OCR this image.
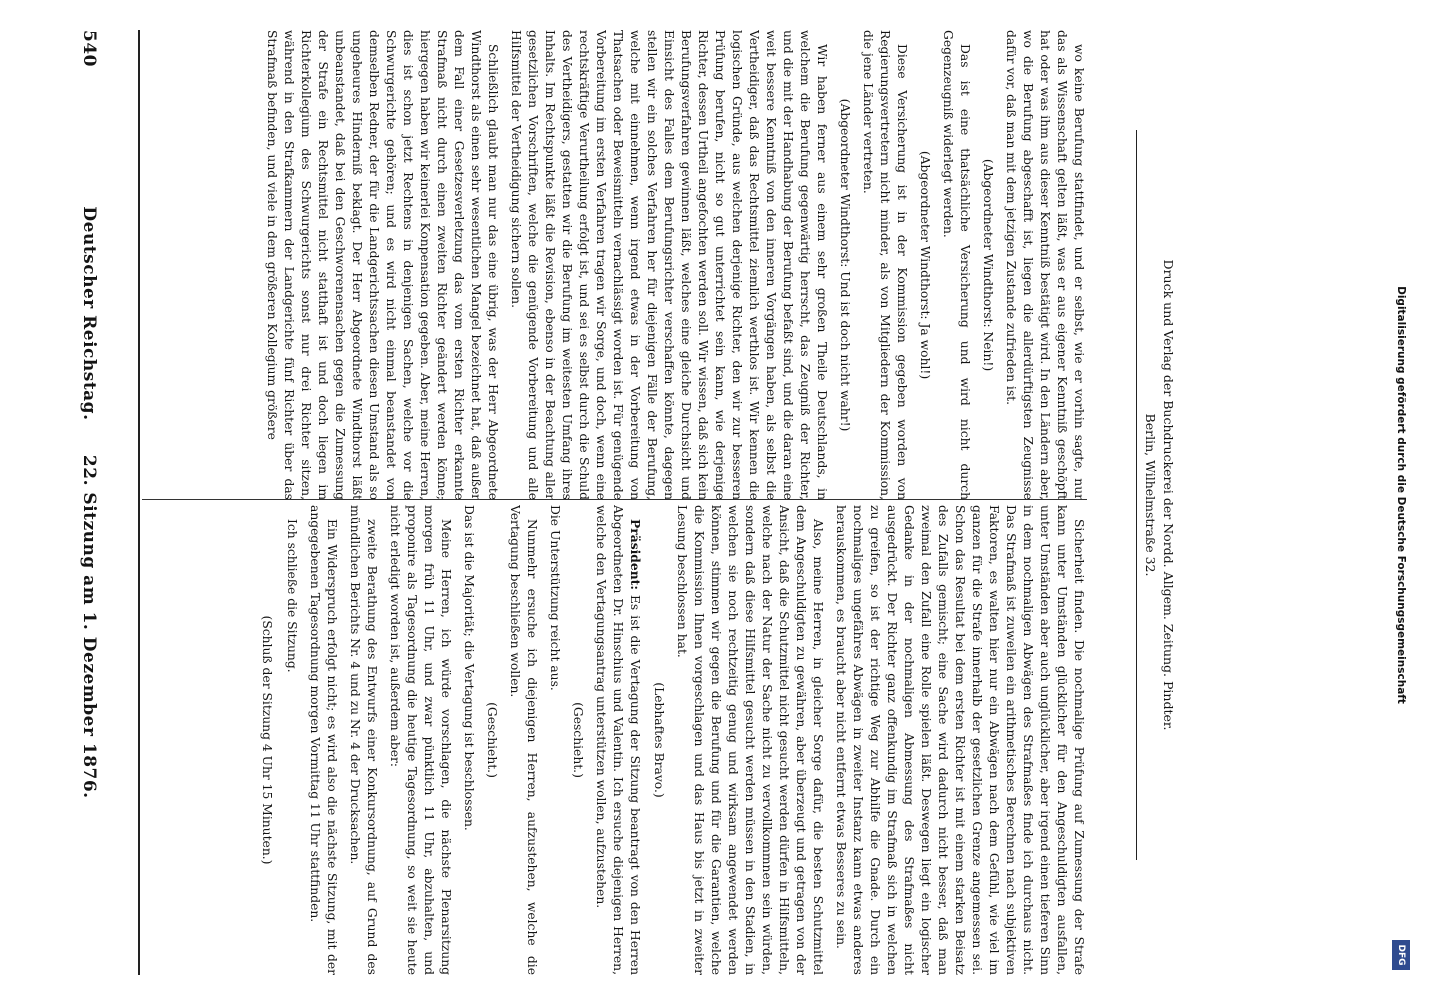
540
Deutscher Reichstag. 22. Sitzung am 1. Dezember 1876.

wo keine Berufung stattfindet, und er selbst, wie er vorhin sagte, nur das als Wissenschaft gelten läßt, was er aus eigener Kenntniß geschöpft hat oder was ihm aus dieser Kenntniß bestätigt wird. In den Ländern aber, wo die Berufung abgeschafft ist, liegen die allerdürftigsten Zeugnisse dafür vor, daß man mit dem jetzigen Zustande zufrieden ist.

(Abgeordneter Windthorst: Nein!)

Das ist eine thatsächliche Versicherung und wird nicht durch Gegenzeugniß widerlegt werden.

(Abgeordneter Windthorst: Ja wohl!)

Diese Versicherung ist in der Kommission gegeben worden von Regierungsvertretern nicht minder, als von Mitgliedern der Kommission, die jene Länder vertreten.

(Abgeordneter Windthorst: Und ist doch nicht wahr!)

Wir haben ferner aus einem sehr großen Theile Deutschlands, in welchem die Berufung gegenwärtig herrscht, das Zeugniß der Richter, und die mit der Handhabung der Berufung befaßt sind, und die daran eine weit bessere Kenntniß von den inneren Vorgängen haben, als selbst die Vertheidiger, daß das Rechtsmittel ziemlich werthlos ist. Wir kennen die logischen Gründe, aus welchen derjenige Richter, den wir zur besseren Prüfung berufen, nicht so gut unterrichtet sein kann, wie derjenige Richter, dessen Urtheil angefochten werden soll. Wir wissen, daß sich kein Berufungsverfahren gewinnen läßt, welches eine gleiche Durchsicht und Einsicht des Falles dem Berufungsrichter verschaffen könnte, dagegen stellen wir ein solches Verfahren her für diejenigen Fälle der Berufung, welche mit einnehmen, wenn irgend etwas in der Vorbereitung von Thatsachen oder Beweismitteln vernachlässigt worden ist. Für genügende Vorbereitung im ersten Verfahren tragen wir Sorge, und doch, wenn eine rechtskräftige Verurtheilung erfolgt ist, und sei es selbst durch die Schuld des Vertheidigers, gestatten wir die Berufung im weitesten Umfang ihres Inhalts. Im Rechtspunkte läßt die Revision, ebenso in der Beachtung aller gesetzlichen Vorschriften, welche die genügende Vorbereitung und alle Hilfsmittel der Vertheidigung sichern sollen.

Schließlich glaubt man nur das eine übrig, was der Herr Abgeordnete Windthorst als einen sehr wesentlichen Mangel bezeichnet hat, daß außer dem Fall einer Gesetzesverletzung das vom ersten Richter erkannte Strafmaß nicht durch einen zweiten Richter geändert werden könne; hiergegen haben wir keinerlei Konpensation gegeben. Aber, meine Herren, dies ist schon jetzt Rechtens in denjenigen Sachen, welche vor die Schwurgerichte gehören; und es wird nicht einmal beanstandet von demselben Redner, der für die Landgerichtssachen diesen Umstand als so ungeheures Hinderniß beklagt. Der Herr Abgeordnete Windthorst läßt unbeanstandet, daß bei den Geschworenensachen gegen die Zumessung der Strafe ein Rechtsmittel nicht statthaft ist und doch liegen im Richterkollegium des Schwurgerichts sonst nur drei Richter sitzen, während in den Strafkammern der Landgerichte fünf Richter über das Strafmaß befinden, und viele in dem größeren Kollegium größere

Sicherheit finden. Die nochmalige Prüfung auf Zumessung der Strafe kann unter Umständen glücklicher für den Angeschuldigten ausfallen, unter Umständen aber auch unglücklicher, aber irgend einen tieferen Sinn in dem nochmaligen Abwägen des Strafmaßes finde ich durchaus nicht. Das Strafmaß ist zuweilen ein arithmetisches Berechnen nach subjektiven Faktoren, es walten hier nur ein Abwägen nach dem Gefühl, wie viel im ganzen für die Strafe innerhalb der gesetzlichen Grenze angemessen sei. Schon das Resultat bei dem ersten Richter ist mit einem starken Beisatz des Zufalls gemischt; eine Sache wird dadurch nicht besser, daß man zweimal den Zufall eine Rolle spielen läßt. Deswegen liegt ein logischer Gedanke in der nochmaligen Abmessung des Strafmaßes nicht ausgedrückt. Der Richter ganz offenkundig im Strafmaß sich in welchen zu greifen, so ist der richtige Weg zur Abhilfe die Gnade. Durch ein nochmaliges ungefähres Abwägen in zweiter Instanz kann etwas anderes herauskommen, es braucht aber nicht entfernt etwas Besseres zu sein.

Also, meine Herren, in gleicher Sorge dafür, die besten Schutzmittel dem Angeschuldigten zu gewähren, aber überzeugt und getragen von der Ansicht, daß die Schutzmittel nicht gesucht werden dürfen in Hilfsmitteln, welche nach der Natur der Sache nicht zu vervollkommnen sein würden, sondern daß diese Hilfsmittel gesucht werden müssen in den Stadien, in welchen sie noch rechtzeitig genug und wirksam angewendet werden können, stimmen wir gegen die Berufung und für die Garantien, welche die Kommission Ihnen vorgeschlagen und das Haus bis jetzt in zweiter Lesung beschlossen hat.

(Lebhaftes Bravo.)

Präsident: Es ist die Vertagung der Sitzung beantragt von den Herren Abgeordneten Dr. Hinschius und Valentin. Ich ersuche diejenigen Herren, welche den Vertagungsantrag unterstützen wollen, aufzustehen.

(Geschieht.)

Die Unterstützung reicht aus.

Nunmehr ersuche ich diejenigen Herren, aufzustehen, welche die Vertagung beschließen wollen.

(Geschieht.)

Das ist die Majorität; die Vertagung ist beschlossen.

Meine Herren, ich würde vorschlagen, die nächste Plenarsitzung morgen früh 11 Uhr, und zwar pünktlich 11 Uhr, abzuhalten, und proponire als Tagesordnung die heutige Tagesordnung, so weit sie heute nicht erledigt worden ist, außerdem aber:

zweite Berathung des Entwurfs einer Konkursordnung, auf Grund des mündlichen Berichts Nr. 4 und zu Nr. 4 der Drucksachen.

Ein Widerspruch erfolgt nicht; es wird also die nächste Sitzung, mit der angegebenen Tagesordnung morgen Vormittag 11 Uhr stattfinden.

Ich schließe die Sitzung.

(Schluß der Sitzung 4 Uhr 15 Minuten.)

Druck und Verlag der Buchdruckerei der Nordd. Allgem. Zeitung. Pindter.
Berlin, Wilhelmstraße 32.	Digitalisierung gefördert durch die Deutsche Forschungsgemeinschaft
DFG
